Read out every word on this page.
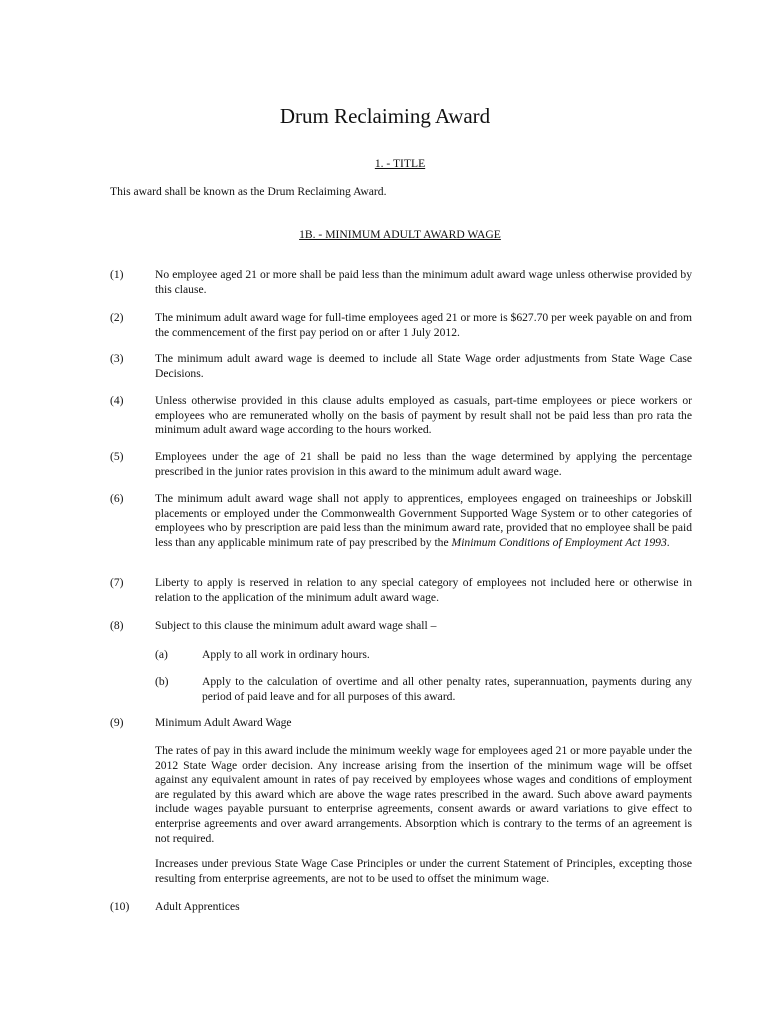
Drum Reclaiming Award

1. - TITLE

This award shall be known as the Drum Reclaiming Award.

1B. - MINIMUM ADULT AWARD WAGE

(1)	No employee aged 21 or more shall be paid less than the minimum adult award wage unless otherwise provided by this clause.

(2)	The minimum adult award wage for full-time employees aged 21 or more is $627.70 per week payable on and from the commencement of the first pay period on or after 1 July 2012.

(3)	The minimum adult award wage is deemed to include all State Wage order adjustments from State Wage Case Decisions.

(4)	Unless otherwise provided in this clause adults employed as casuals, part-time employees or piece workers or employees who are remunerated wholly on the basis of payment by result shall not be paid less than pro rata the minimum adult award wage according to the hours worked.

(5)	Employees under the age of 21 shall be paid no less than the wage determined by applying the percentage prescribed in the junior rates provision in this award to the minimum adult award wage.

(6)	The minimum adult award wage shall not apply to apprentices, employees engaged on traineeships or Jobskill placements or employed under the Commonwealth Government Supported Wage System or to other categories of employees who by prescription are paid less than the minimum award rate, provided that no employee shall be paid less than any applicable minimum rate of pay prescribed by the Minimum Conditions of Employment Act 1993.

(7)	Liberty to apply is reserved in relation to any special category of employees not included here or otherwise in relation to the application of the minimum adult award wage.

(8)	Subject to this clause the minimum adult award wage shall –

(a)	Apply to all work in ordinary hours.

(b)	Apply to the calculation of overtime and all other penalty rates, superannuation, payments during any period of paid leave and for all purposes of this award.

(9)	Minimum Adult Award Wage

The rates of pay in this award include the minimum weekly wage for employees aged 21 or more payable under the 2012 State Wage order decision. Any increase arising from the insertion of the minimum wage will be offset against any equivalent amount in rates of pay received by employees whose wages and conditions of employment are regulated by this award which are above the wage rates prescribed in the award. Such above award payments include wages payable pursuant to enterprise agreements, consent awards or award variations to give effect to enterprise agreements and over award arrangements. Absorption which is contrary to the terms of an agreement is not required.

Increases under previous State Wage Case Principles or under the current Statement of Principles, excepting those resulting from enterprise agreements, are not to be used to offset the minimum wage.

(10) Adult Apprentices
